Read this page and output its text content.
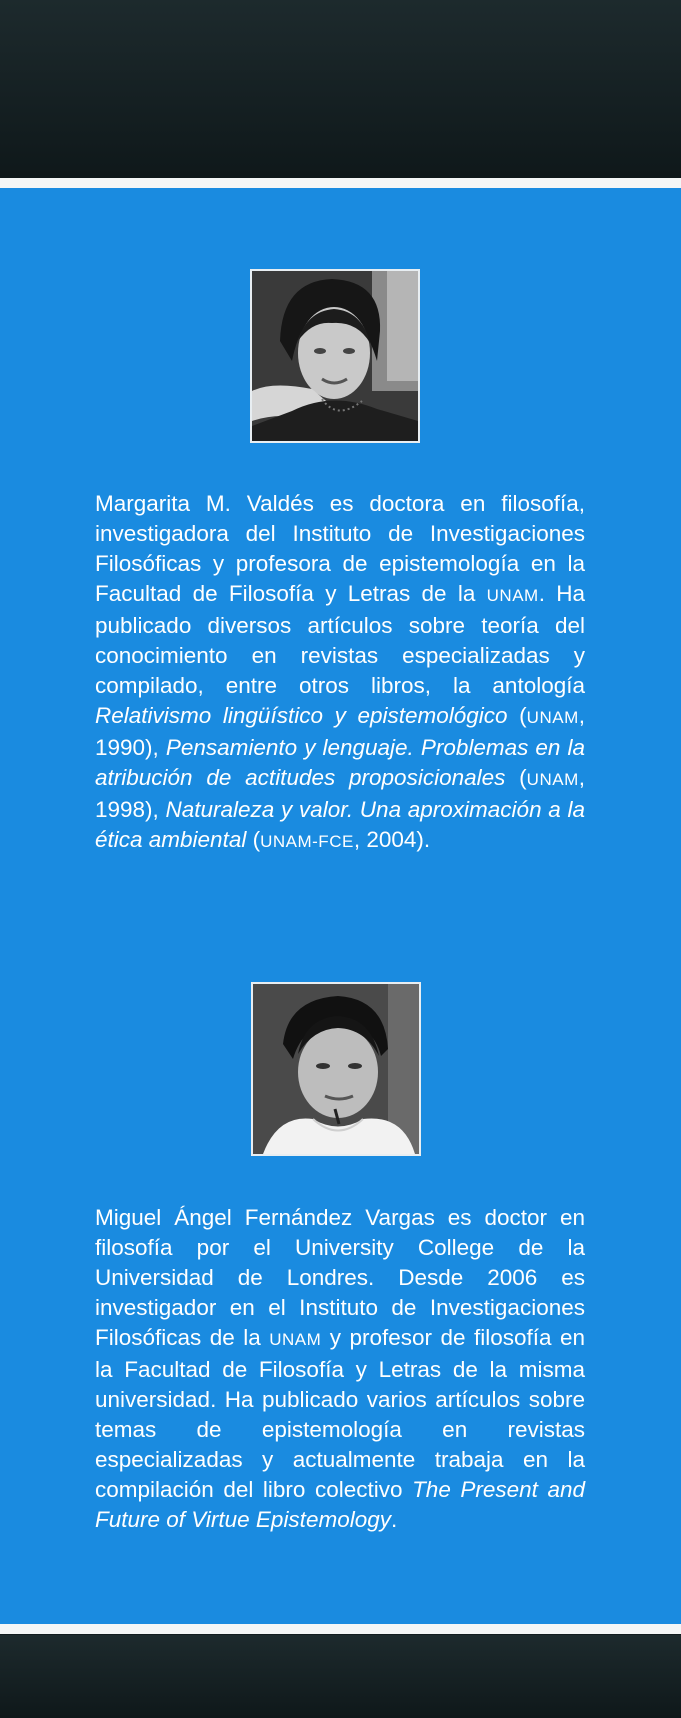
Margarita M. Valdés es doctora en filosofía, investigadora del Instituto de Investigaciones Filosóficas y profesora de epistemología en la Facultad de Filosofía y Letras de la UNAM. Ha publicado diversos artículos sobre teoría del conocimiento en revistas especializadas y compilado, entre otros libros, la antología Relativismo lingüístico y epistemológico (UNAM, 1990), Pensamiento y lenguaje. Problemas en la atribución de actitudes proposicionales (UNAM, 1998), Naturaleza y valor. Una aproximación a la ética ambiental (UNAM-FCE, 2004).

Miguel Ángel Fernández Vargas es doctor en filosofía por el University College de la Universidad de Londres. Desde 2006 es investigador en el Instituto de Investigaciones Filosóficas de la UNAM y profesor de filosofía en la Facultad de Filosofía y Letras de la misma universidad. Ha publicado varios artículos sobre temas de epistemología en revistas especializadas y actualmente trabaja en la compilación del libro colectivo The Present and Future of Virtue Epistemology.
